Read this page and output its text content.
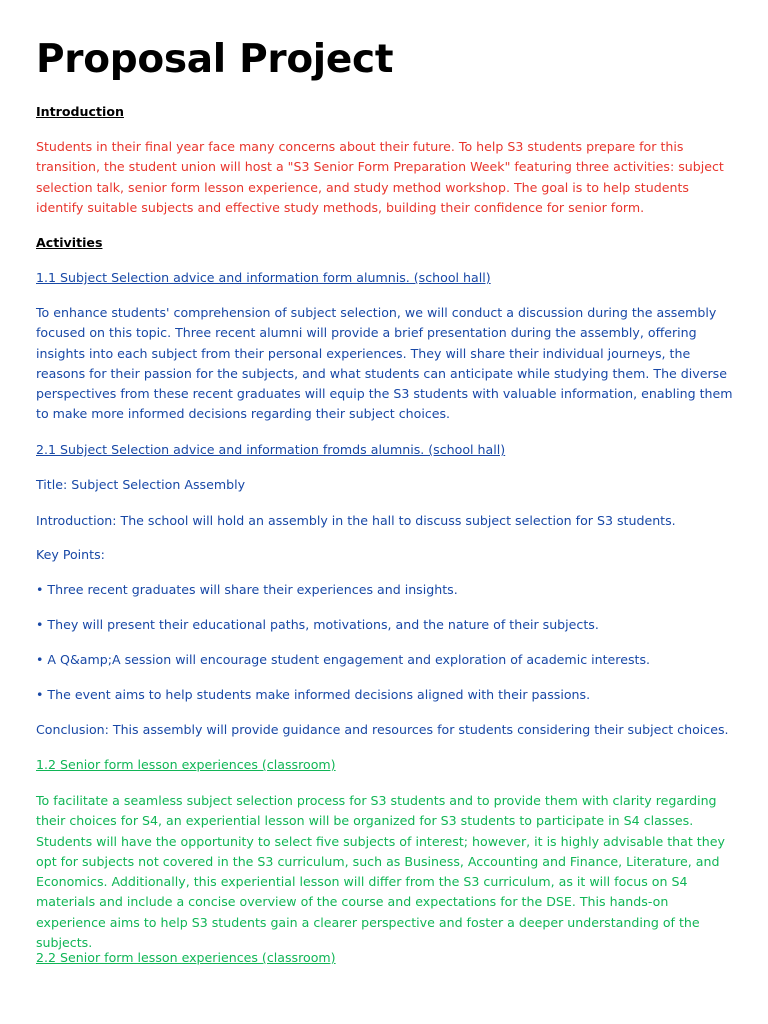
Proposal Project

Introduction

Students in their final year face many concerns about their future. To help S3 students prepare for this transition, the student union will host a "S3 Senior Form Preparation Week" featuring three activities: subject selection talk, senior form lesson experience, and study method workshop. The goal is to help students identify suitable subjects and effective study methods, building their confidence for senior form.

Activities

1.1 Subject Selection advice and information form alumnis. (school hall)

To enhance students' comprehension of subject selection, we will conduct a discussion during the assembly focused on this topic. Three recent alumni will provide a brief presentation during the assembly, offering insights into each subject from their personal experiences. They will share their individual journeys, the reasons for their passion for the subjects, and what students can anticipate while studying them. The diverse perspectives from these recent graduates will equip the S3 students with valuable information, enabling them to make more informed decisions regarding their subject choices.

2.1 Subject Selection advice and information fromds alumnis. (school hall)

Title: Subject Selection Assembly

Introduction: The school will hold an assembly in the hall to discuss subject selection for S3 students.

Key Points:

• Three recent graduates will share their experiences and insights.

• They will present their educational paths, motivations, and the nature of their subjects.

• A Q&amp;A session will encourage student engagement and exploration of academic interests.

• The event aims to help students make informed decisions aligned with their passions.

Conclusion: This assembly will provide guidance and resources for students considering their subject choices.

1.2 Senior form lesson experiences (classroom)

To facilitate a seamless subject selection process for S3 students and to provide them with clarity regarding their choices for S4, an experiential lesson will be organized for S3 students to participate in S4 classes. Students will have the opportunity to select five subjects of interest; however, it is highly advisable that they opt for subjects not covered in the S3 curriculum, such as Business, Accounting and Finance, Literature, and Economics. Additionally, this experiential lesson will differ from the S3 curriculum, as it will focus on S4 materials and include a concise overview of the course and expectations for the DSE. This hands-on experience aims to help S3 students gain a clearer perspective and foster a deeper understanding of the subjects.

2.2 Senior form lesson experiences (classroom)
